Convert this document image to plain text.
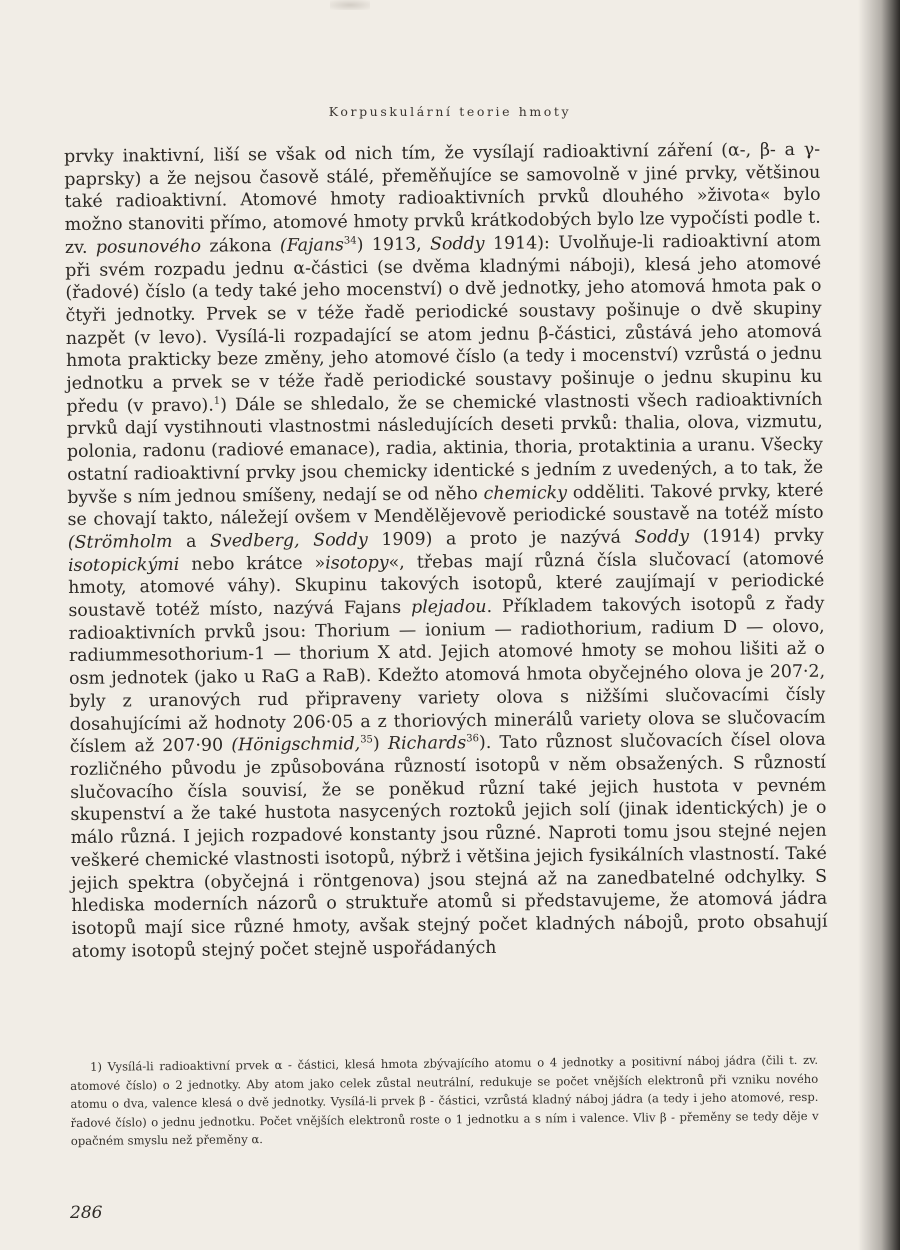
Korpuskulární teorie hmoty
prvky inaktivní, liší se však od nich tím, že vysílají radioaktivní záření (α-, β- a γ- paprsky) a že nejsou časově stálé, přeměňujíce se samovolně v jiné prvky, většinou také radioaktivní. Atomové hmoty radioaktivních prvků dlouhého »života« bylo možno stanoviti přímo, atomové hmoty prvků krátkodobých bylo lze vypočísti podle t. zv. posunového zákona (Fajans$^{34}$) 1913, Soddy 1914): Uvolňuje-li radioaktivní atom při svém rozpadu jednu α-částici (se dvěma kladnými náboji), klesá jeho atomové (řadové) číslo (a tedy také jeho mocenství) o dvě jednotky, jeho atomová hmota pak o čtyři jednotky. Prvek se v téže řadě periodické soustavy pošinuje o dvě skupiny nazpět (v levo). Vysílá-li rozpadající se atom jednu β-částici, zůstává jeho atomová hmota prakticky beze změny, jeho atomové číslo (a tedy i mocenství) vzrůstá o jednu jednotku a prvek se v téže řadě periodické soustavy pošinuje o jednu skupinu ku předu (v pravo).$^1$) Dále se shledalo, že se chemické vlastnosti všech radioaktivních prvků dají vystihnouti vlastnostmi následujících deseti prvků: thalia, olova, vizmutu, polonia, radonu (radiové emanace), radia, aktinia, thoria, protaktinia a uranu. Všecky ostatní radioaktivní prvky jsou chemicky identické s jedním z uvedených, a to tak, že byvše s ním jednou smíšeny, nedají se od něho chemicky odděliti. Takové prvky, které se chovají takto, náležejí ovšem v Mendělějevově periodické soustavě na totéž místo (Strömholm a Svedberg, Soddy 1909) a proto je nazývá Soddy (1914) prvky isotopickými nebo krátce »isotopy«, třebas mají různá čísla slučovací (atomové hmoty, atomové váhy). Skupinu takových isotopů, které zaujímají v periodické soustavě totéž místo, nazývá Fajans plejadou. Příkladem takových isotopů z řady radioaktivních prvků jsou: Thorium — ionium — radiothorium, radium D — olovo, radiummesothorium-1 — thorium X atd. Jejich atomové hmoty se mohou lišiti až o osm jednotek (jako u RaG a RaB). Kdežto atomová hmota obyčejného olova je 207·2, byly z uranových rud připraveny variety olova s nižšími slučovacími čísly dosahujícími až hodnoty 206·05 a z thoriových minerálů variety olova se slučovacím číslem až 207·90 (Hönigschmid,$^{35}$) Richards$^{36}$). Tato různost slučovacích čísel olova rozličného původu je způsobována růzností isotopů v něm obsažených. S růzností slučovacího čísla souvisí, že se poněkud různí také jejich hustota v pevném skupenství a že také hustota nasycených roztoků jejich solí (jinak identických) je o málo různá. I jejich rozpadové konstanty jsou různé. Naproti tomu jsou stejné nejen veškeré chemické vlastnosti isotopů, nýbrž i většina jejich fysikálních vlastností. Také jejich spektra (obyčejná i röntgenova) jsou stejná až na zanedbatelné odchylky. S hlediska moderních názorů o struktuře atomů si představujeme, že atomová jádra isotopů mají sice různé hmoty, avšak stejný počet kladných nábojů, proto obsahují atomy isotopů stejný počet stejně uspořádaných
1) Vysílá-li radioaktivní prvek α - částici, klesá hmota zbývajícího atomu o 4 jednotky a positivní náboj jádra (čili t. zv. atomové číslo) o 2 jednotky. Aby atom jako celek zůstal neutrální, redukuje se počet vnějších elektronů při vzniku nového atomu o dva, valence klesá o dvě jednotky. Vysílá-li prvek β - částici, vzrůstá kladný náboj jádra (a tedy i jeho atomové, resp. řadové číslo) o jednu jednotku. Počet vnějších elektronů roste o 1 jednotku a s ním i valence. Vliv β - přeměny se tedy děje v opačném smyslu než přeměny α.
286
